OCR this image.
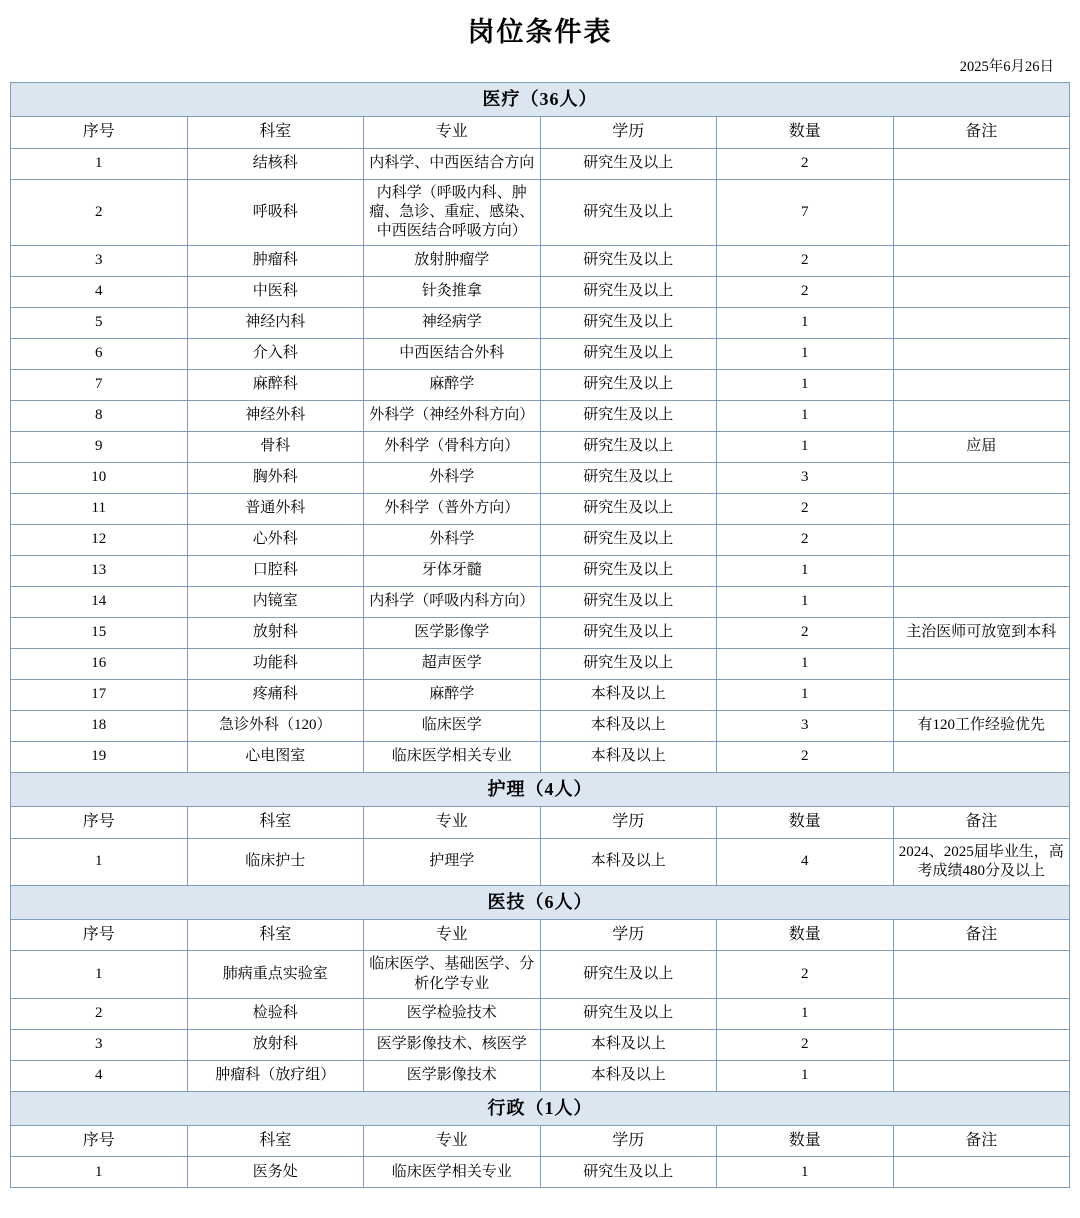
岗位条件表
2025年6月26日
医疗（36人）					
序号	科室	专业	学历	数量	备注
1	结核科	内科学、中西医结合方向	研究生及以上	2	
2	呼吸科	内科学（呼吸内科、肿瘤、急诊、重症、感染、中西医结合呼吸方向）	研究生及以上	7	
3	肿瘤科	放射肿瘤学	研究生及以上	2	
4	中医科	针灸推拿	研究生及以上	2	
5	神经内科	神经病学	研究生及以上	1	
6	介入科	中西医结合外科	研究生及以上	1	
7	麻醉科	麻醉学	研究生及以上	1	
8	神经外科	外科学（神经外科方向）	研究生及以上	1	
9	骨科	外科学（骨科方向）	研究生及以上	1	应届
10	胸外科	外科学	研究生及以上	3	
11	普通外科	外科学（普外方向）	研究生及以上	2	
12	心外科	外科学	研究生及以上	2	
13	口腔科	牙体牙髓	研究生及以上	1	
14	内镜室	内科学（呼吸内科方向）	研究生及以上	1	
15	放射科	医学影像学	研究生及以上	2	主治医师可放宽到本科
16	功能科	超声医学	研究生及以上	1	
17	疼痛科	麻醉学	本科及以上	1	
18	急诊外科（120）	临床医学	本科及以上	3	有120工作经验优先
19	心电图室	临床医学相关专业	本科及以上	2	
护理（4人）					
序号	科室	专业	学历	数量	备注
1	临床护士	护理学	本科及以上	4	2024、2025届毕业生，高考成绩480分及以上
医技（6人）					
序号	科室	专业	学历	数量	备注
1	肺病重点实验室	临床医学、基础医学、分析化学专业	研究生及以上	2	
2	检验科	医学检验技术	研究生及以上	1	
3	放射科	医学影像技术、核医学	本科及以上	2	
4	肿瘤科（放疗组）	医学影像技术	本科及以上	1	
行政（1人）					
序号	科室	专业	学历	数量	备注
1	医务处	临床医学相关专业	研究生及以上	1	
